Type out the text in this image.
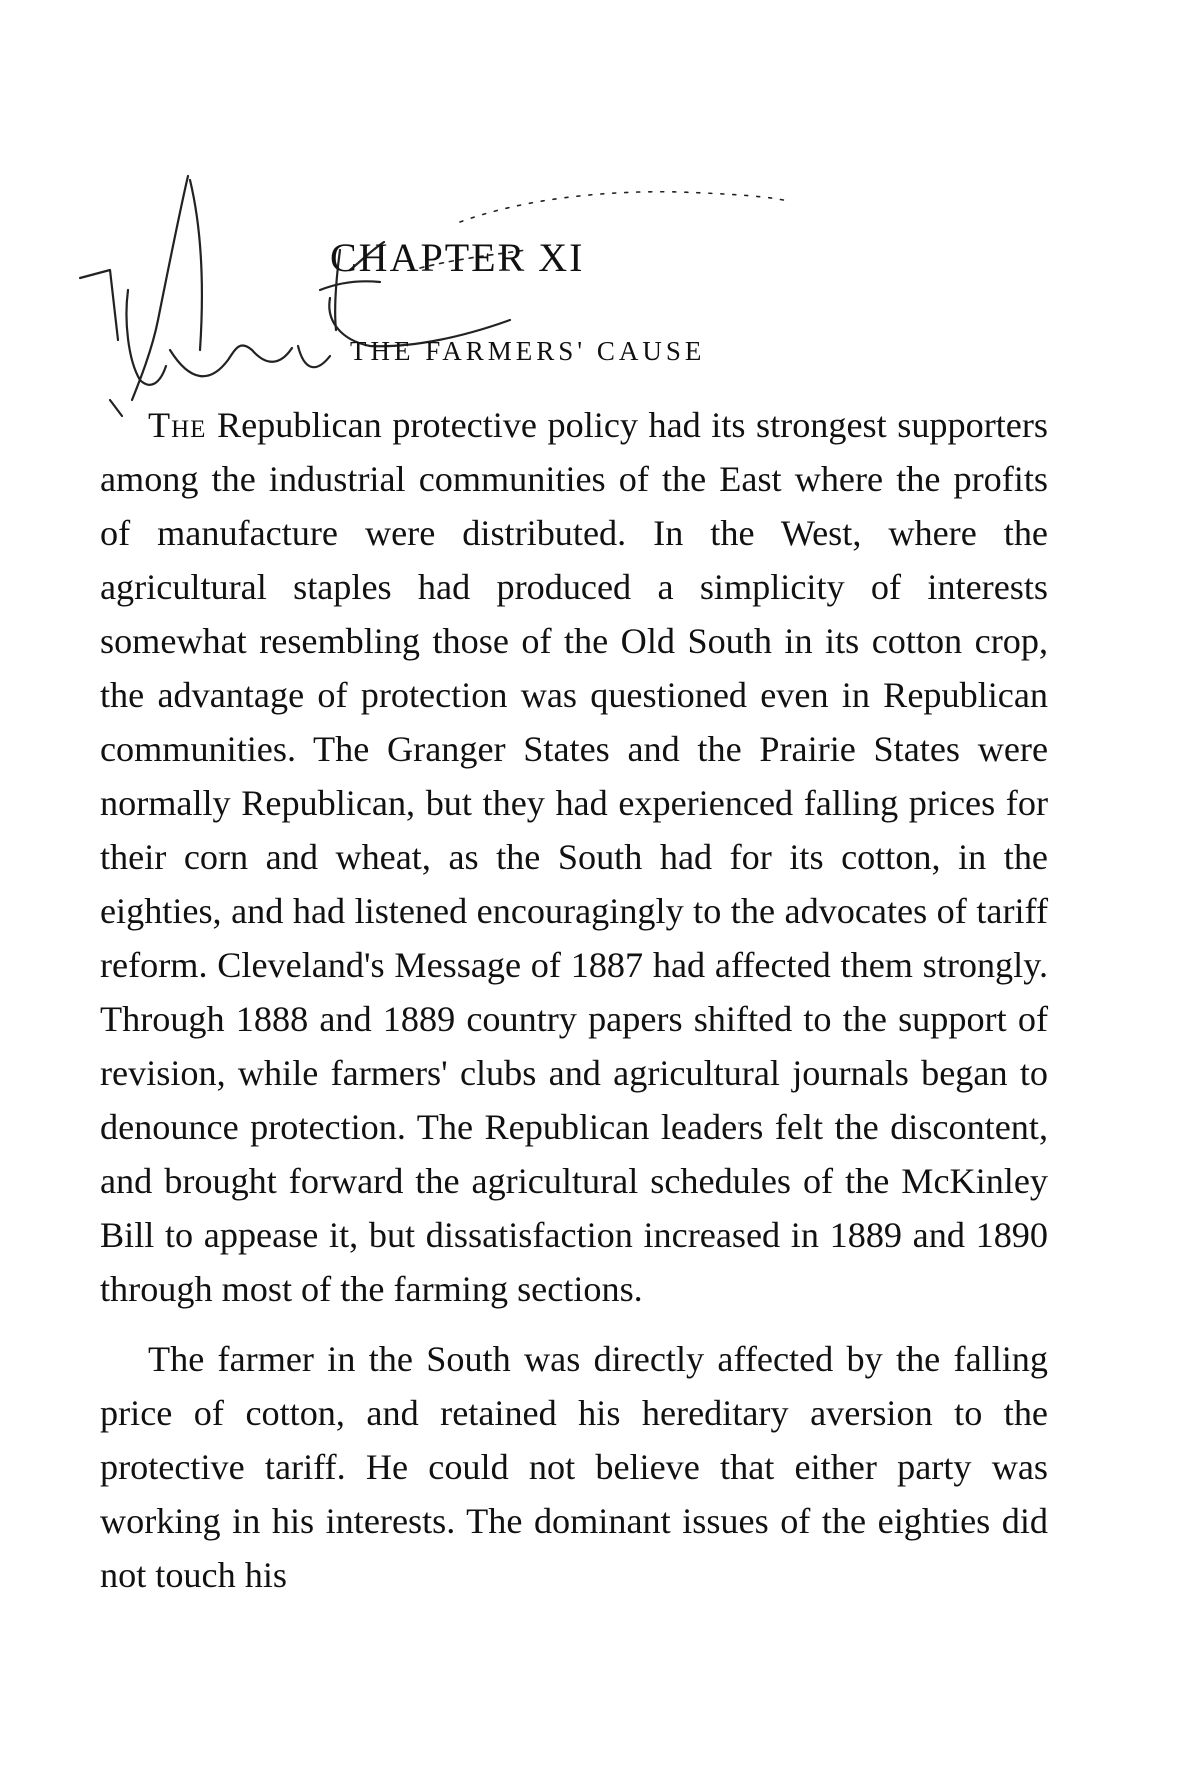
CHAPTER XI
THE FARMERS' CAUSE

The Republican protective policy had its strongest supporters among the industrial communities of the East where the profits of manufacture were distributed. In the West, where the agricultural staples had produced a simplicity of interests somewhat resembling those of the Old South in its cotton crop, the advantage of protection was questioned even in Republican communities. The Granger States and the Prairie States were normally Republican, but they had experienced falling prices for their corn and wheat, as the South had for its cotton, in the eighties, and had listened encouragingly to the advocates of tariff reform. Cleveland's Message of 1887 had affected them strongly. Through 1888 and 1889 country papers shifted to the support of revision, while farmers' clubs and agricultural journals began to denounce protection. The Republican leaders felt the discontent, and brought forward the agricultural schedules of the McKinley Bill to appease it, but dissatisfaction increased in 1889 and 1890 through most of the farming sections.

The farmer in the South was directly affected by the falling price of cotton, and retained his hereditary aversion to the protective tariff. He could not believe that either party was working in his interests. The dominant issues of the eighties did not touch his
